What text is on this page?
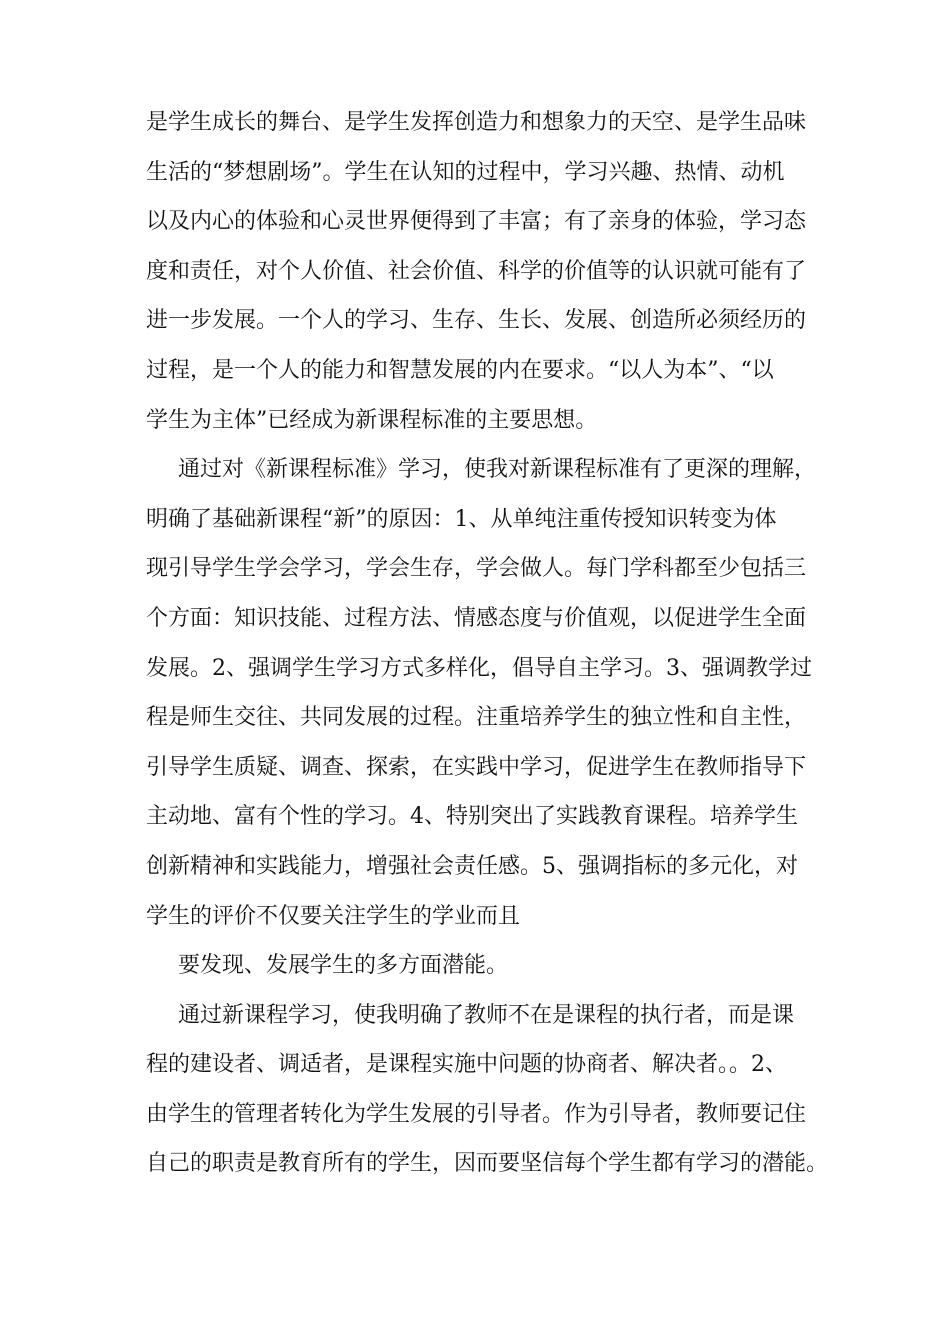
是学生成长的舞台、是学生发挥创造力和想象力的天空、是学生品味
生活的“梦想剧场”。学生在认知的过程中，学习兴趣、热情、动机
以及内心的体验和心灵世界便得到了丰富；有了亲身的体验，学习态
度和责任，对个人价值、社会价值、科学的价值等的认识就可能有了
进一步发展。一个人的学习、生存、生长、发展、创造所必须经历的
过程，是一个人的能力和智慧发展的内在要求。“以人为本”、“以
学生为主体”已经成为新课程标准的主要思想。
通过对《新课程标准》学习，使我对新课程标准有了更深的理解，
明确了基础新课程“新”的原因：1、从单纯注重传授知识转变为体
现引导学生学会学习，学会生存，学会做人。每门学科都至少包括三
个方面：知识技能、过程方法、情感态度与价值观，以促进学生全面
发展。2、强调学生学习方式多样化，倡导自主学习。3、强调教学过
程是师生交往、共同发展的过程。注重培养学生的独立性和自主性，
引导学生质疑、调查、探索，在实践中学习，促进学生在教师指导下
主动地、富有个性的学习。4、特别突出了实践教育课程。培养学生
创新精神和实践能力，增强社会责任感。5、强调指标的多元化，对
学生的评价不仅要关注学生的学业而且
要发现、发展学生的多方面潜能。
通过新课程学习，使我明确了教师不在是课程的执行者，而是课
程的建设者、调适者，是课程实施中问题的协商者、解决者。。2、
由学生的管理者转化为学生发展的引导者。作为引导者，教师要记住
自己的职责是教育所有的学生，因而要坚信每个学生都有学习的潜能。
